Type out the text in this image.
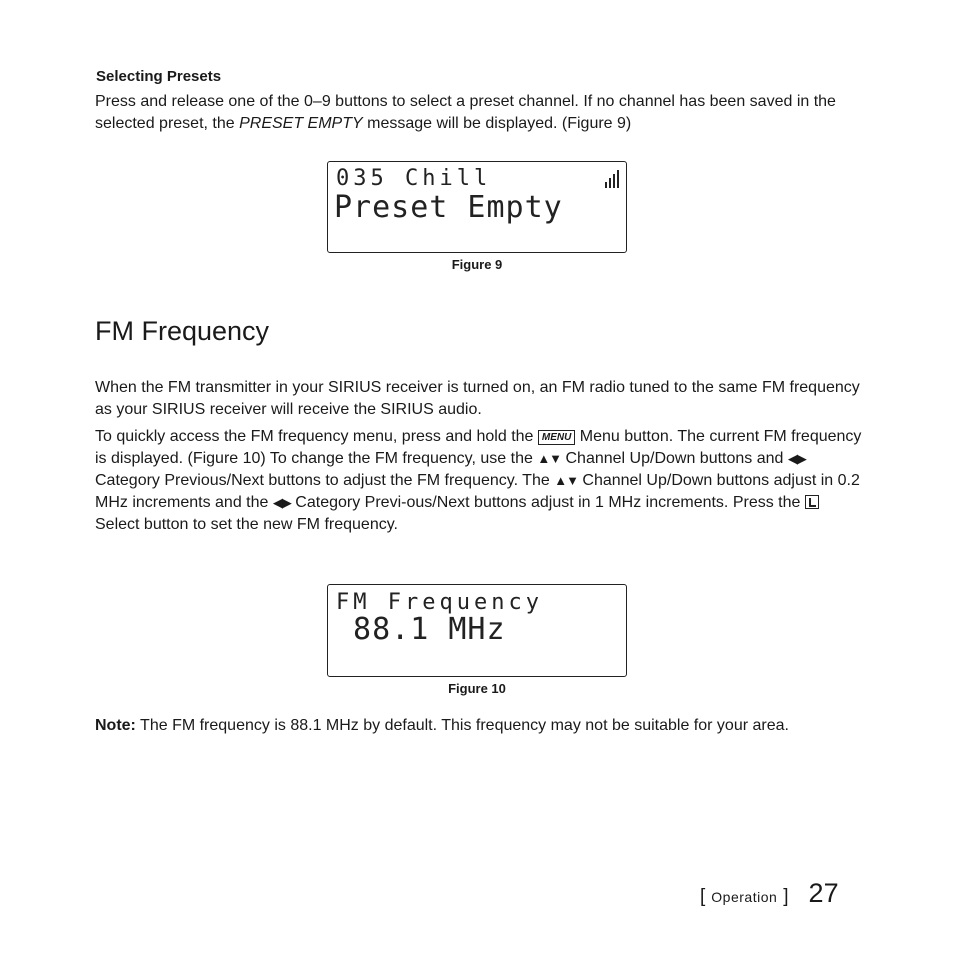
Selecting Presets
Press and release one of the 0–9 buttons to select a preset channel. If no channel has been saved in the selected preset, the PRESET EMPTY message will be displayed. (Figure 9)
035 Chill
Preset Empty
Figure 9
FM Frequency
When the FM transmitter in your SIRIUS receiver is turned on, an FM radio tuned to the same FM frequency as your SIRIUS receiver will receive the SIRIUS audio.
To quickly access the FM frequency menu, press and hold the MENU Menu button. The current FM frequency is displayed. (Figure 10) To change the FM frequency, use the ▲▼ Channel Up/Down buttons and ◀▶ Category Previous/Next buttons to adjust the FM frequency. The ▲▼ Channel Up/Down buttons adjust in 0.2 MHz increments and the ◀▶ Category Previ-ous/Next buttons adjust in 1 MHz increments. Press the  Select button to set the new FM frequency.
FM Frequency
88.1 MHz
Figure 10
Note: The FM frequency is 88.1 MHz by default. This frequency may not be suitable for your area.
[ Operation ] 27
